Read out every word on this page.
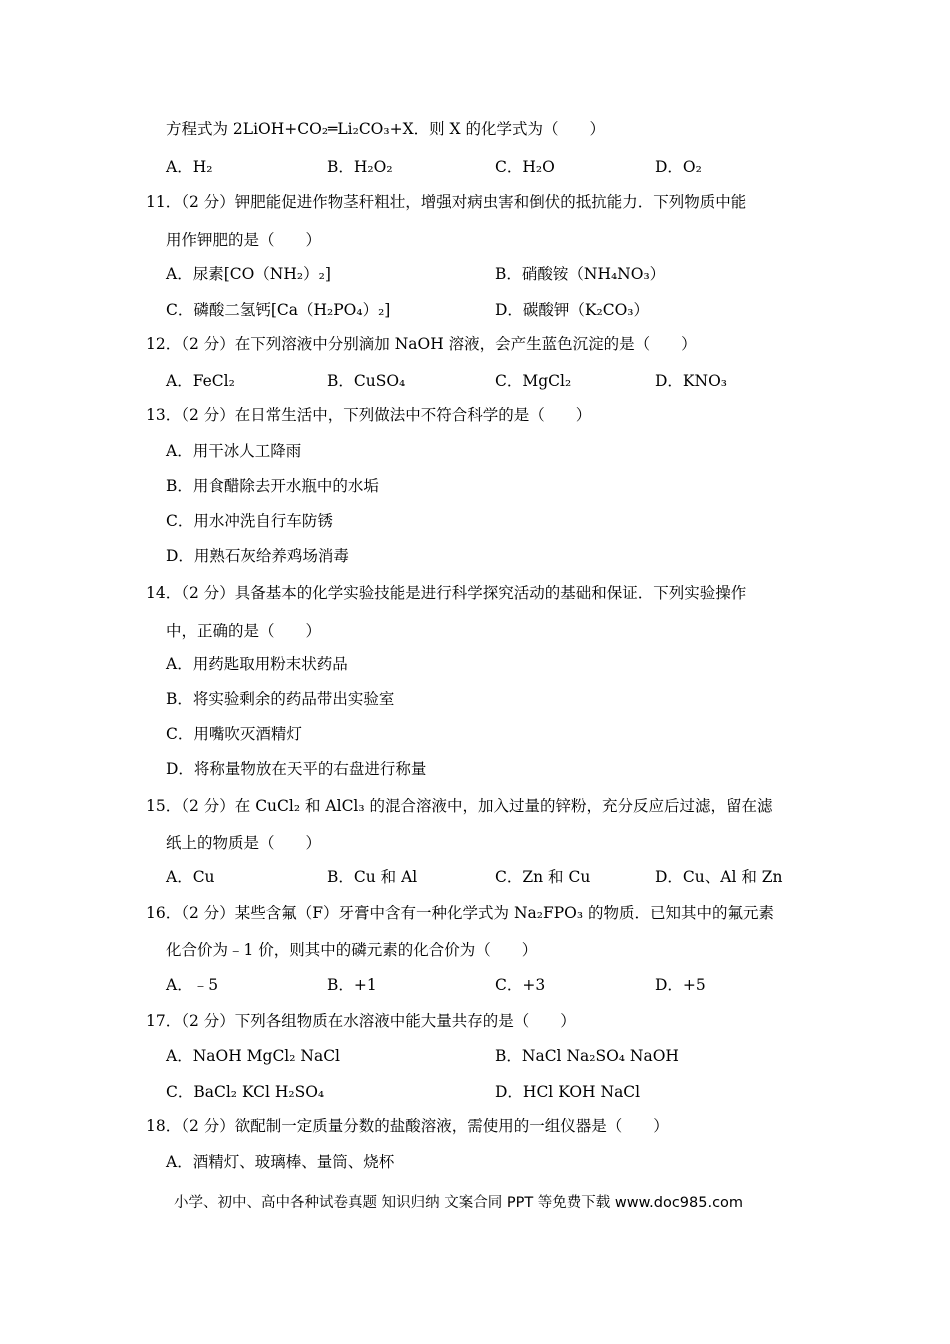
方程式为 2LiOH+CO₂═Li₂CO₃+X．则 X 的化学式为（　　）
11．（2 分）钾肥能促进作物茎秆粗壮，增强对病虫害和倒伏的抵抗能力．下列物质中能
用作钾肥的是（　　）
12．（2 分）在下列溶液中分别滴加 NaOH 溶液，会产生蓝色沉淀的是（　　）
13．（2 分）在日常生活中，下列做法中不符合科学的是（　　）
14．（2 分）具备基本的化学实验技能是进行科学探究活动的基础和保证．下列实验操作
中，正确的是（　　）
15．（2 分）在 CuCl₂ 和 AlCl₃ 的混合溶液中，加入过量的锌粉，充分反应后过滤，留在滤
纸上的物质是（　　）
16．（2 分）某些含氟（F）牙膏中含有一种化学式为 Na₂FPO₃ 的物质．已知其中的氟元素
化合价为﹣1 价，则其中的磷元素的化合价为（　　）
17．（2 分）下列各组物质在水溶液中能大量共存的是（　　）
18．（2 分）欲配制一定质量分数的盐酸溶液，需使用的一组仪器是（　　）
A．H₂	B．H₂O₂	C．H₂O	D．O₂
A．尿素[CO（NH₂）₂]	B．硝酸铵（NH₄NO₃）
C．磷酸二氢钙[Ca（H₂PO₄）₂]	D．碳酸钾（K₂CO₃）
A．FeCl₂	B．CuSO₄	C．MgCl₂	D．KNO₃
A．用干冰人工降雨
B．用食醋除去开水瓶中的水垢
C．用水冲洗自行车防锈
D．用熟石灰给养鸡场消毒
A．用药匙取用粉末状药品
B．将实验剩余的药品带出实验室
C．用嘴吹灭酒精灯
D．将称量物放在天平的右盘进行称量
A．Cu	B．Cu 和 Al	C．Zn 和 Cu	D．Cu、Al 和 Zn
A．﹣5	B．+1	C．+3	D．+5
A．NaOH MgCl₂ NaCl	B．NaCl Na₂SO₄ NaOH
C．BaCl₂ KCl H₂SO₄	D．HCl KOH NaCl
A．酒精灯、玻璃棒、量筒、烧杯
小学、初中、高中各种试卷真题 知识归纳 文案合同 PPT 等免费下载 www.doc985.com
